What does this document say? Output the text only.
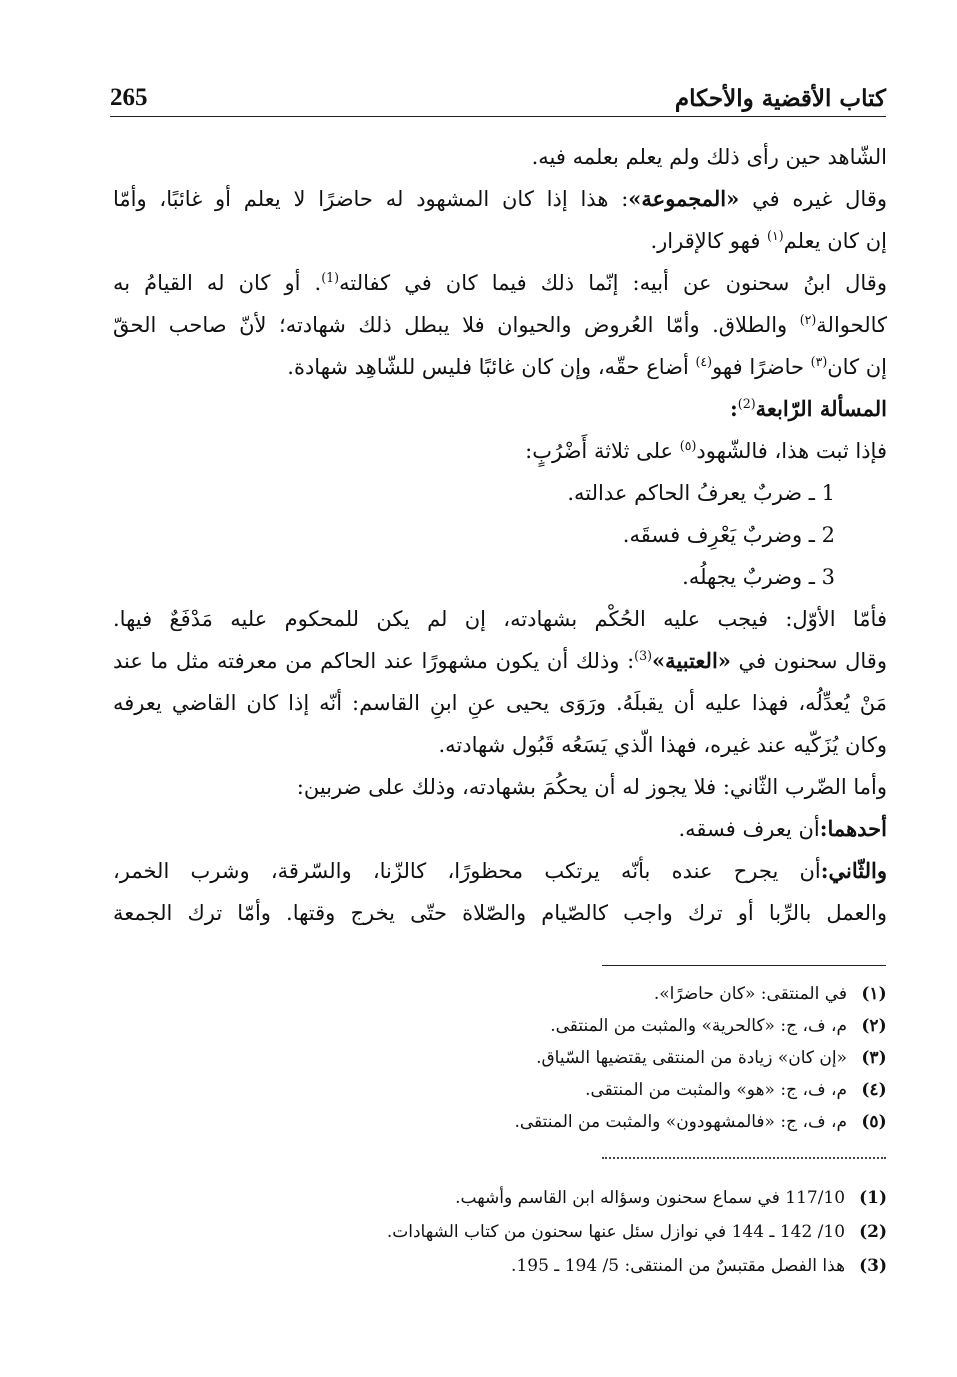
كتاب الأقضية والأحكام
265
الشّاهد حين رأى ذلك ولم يعلم بعلمه فيه.
وقال غيره في «المجموعة»: هذا إذا كان المشهود له حاضرًا لا يعلم أو غائبًا، وأمّا
إن كان يعلم$^{(١)}$ فهو كالإقرار.
وقال ابنُ سحنون عن أبيه: إنّما ذلك فيما كان في كفالته$^{(1)}$. أو كان له القيامُ به
كالحوالة$^{(٢)}$ والطلاق. وأمّا العُروض والحيوان فلا يبطل ذلك شهادته؛ لأنّ صاحب الحقّ
إن كان$^{(٣)}$ حاضرًا فهو$^{(٤)}$ أضاع حقّه، وإن كان غائبًا فليس للشّاهِد شهادة.
المسألة الرّابعة$^{(2)}$:
فإذا ثبت هذا، فالشّهود$^{(٥)}$ على ثلاثة أَضْرُبٍ:
1 ـ ضربٌ يعرفُ الحاكم عدالته.
2 ـ وضربٌ يَعْرِف فسقَه.
3 ـ وضربٌ يجهلُه.
فأمّا الأوّل: فيجب عليه الحُكْم بشهادته، إن لم يكن للمحكوم عليه مَدْفَعٌ فيها.
وقال سحنون في «العتبية»$^{(3)}$: وذلك أن يكون مشهورًا عند الحاكم من معرفته مثل ما عند
مَنْ يُعدِّلُه، فهذا عليه أن يقبلَهُ. ورَوَى يحيى عنِ ابنِ القاسم: أنّه إذا كان القاضي يعرفه
وكان يُزَكّيه عند غيره، فهذا الّذي يَسَعُه قَبُول شهادته.
وأما الضّرب الثّاني: فلا يجوز له أن يحكُمَ بشهادته، وذلك على ضربين:
أحدهما:أن يعرف فسقه.
والثّاني:أن يجرح عنده بأنّه يرتكب محظورًا، كالزّنا، والسّرقة، وشرب الخمر،
والعمل بالرِّبا أو ترك واجب كالصّيام والصّلاة حتّى يخرج وقتها. وأمّا ترك الجمعة
(١)
في المنتقى: «كان حاضرًا».
(٢)
م، ف، ج: «كالحرية» والمثبت من المنتقى.
(٣)
«إن كان» زيادة من المنتقى يقتضيها السّياق.
(٤)
م، ف، ج: «هو» والمثبت من المنتقى.
(٥)
م، ف، ج: «فالمشهودون» والمثبت من المنتقى.
(1)
117/10 في سماع سحنون وسؤاله ابن القاسم وأشهب.
(2)
10/ 142 ـ 144 في نوازل سئل عنها سحنون من كتاب الشهادات.
(3)
هذا الفصل مقتبسٌ من المنتقى: 5/ 194 ـ 195.
